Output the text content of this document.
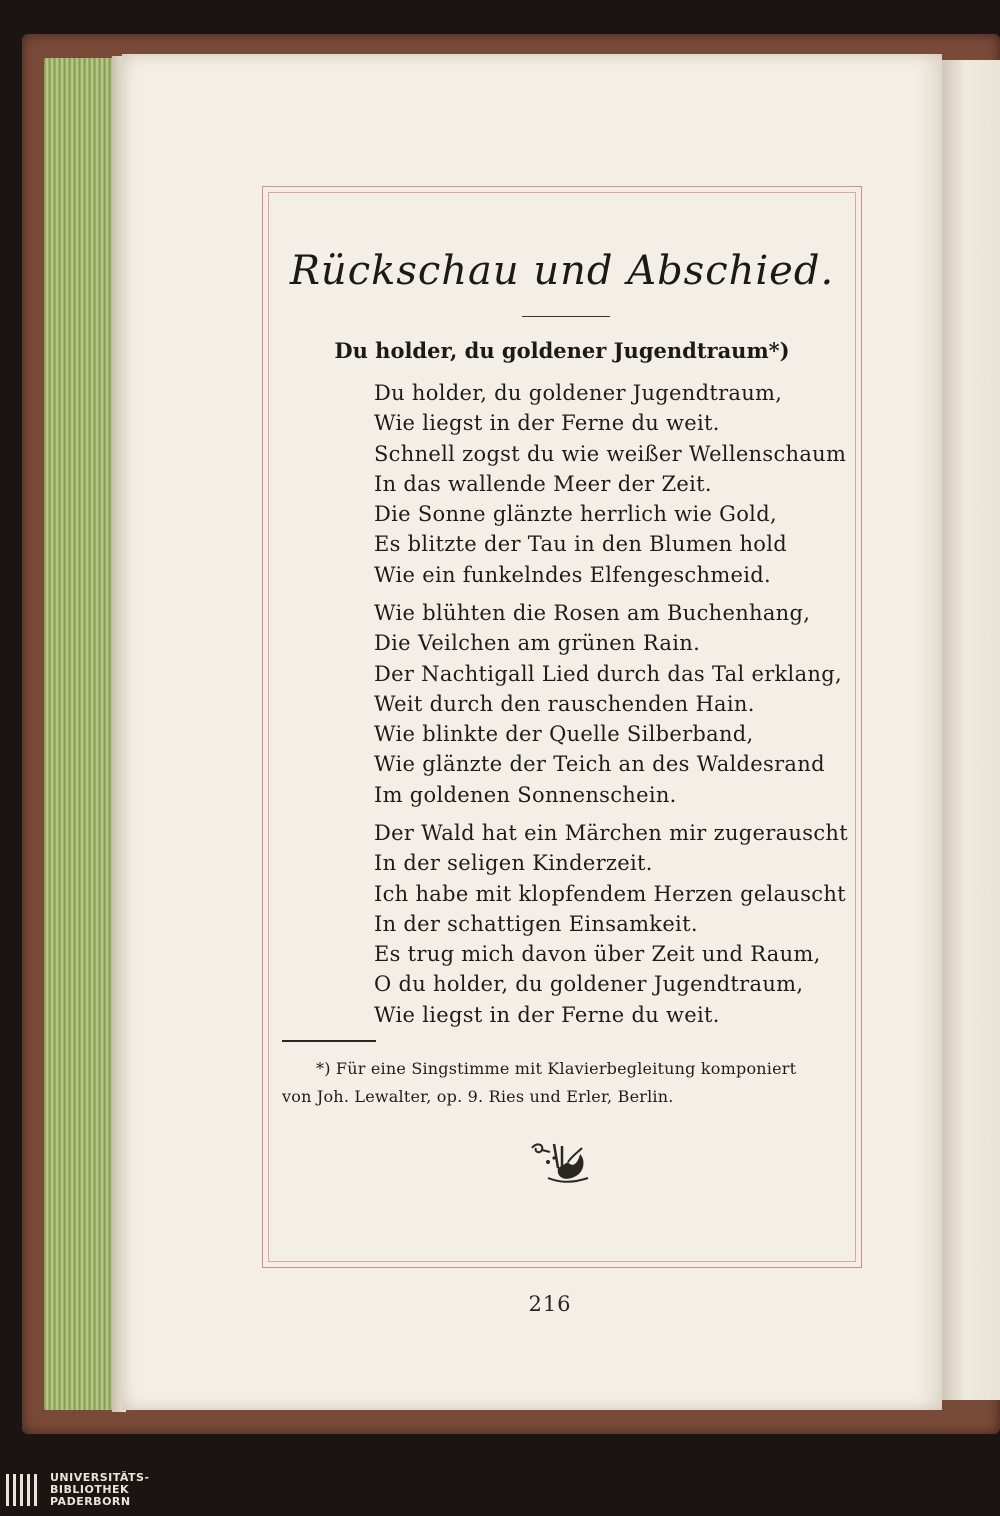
Rückschau und Abschied.
Du holder, du goldener Jugendtraum*)
Du holder, du goldener Jugendtraum,
Wie liegst in der Ferne du weit.
Schnell zogst du wie weißer Wellenschaum
In das wallende Meer der Zeit.
Die Sonne glänzte herrlich wie Gold,
Es blitzte der Tau in den Blumen hold
Wie ein funkelndes Elfengeschmeid.
Wie blühten die Rosen am Buchenhang,
Die Veilchen am grünen Rain.
Der Nachtigall Lied durch das Tal erklang,
Weit durch den rauschenden Hain.
Wie blinkte der Quelle Silberband,
Wie glänzte der Teich an des Waldesrand
Im goldenen Sonnenschein.
Der Wald hat ein Märchen mir zugerauscht
In der seligen Kinderzeit.
Ich habe mit klopfendem Herzen gelauscht
In der schattigen Einsamkeit.
Es trug mich davon über Zeit und Raum,
O du holder, du goldener Jugendtraum,
Wie liegst in der Ferne du weit.
*) Für eine Singstimme mit Klavierbegleitung komponiert
von Joh. Lewalter, op. 9. Ries und Erler, Berlin.
216
UNIVERSITÄTS-
BIBLIOTHEK
PADERBORN
